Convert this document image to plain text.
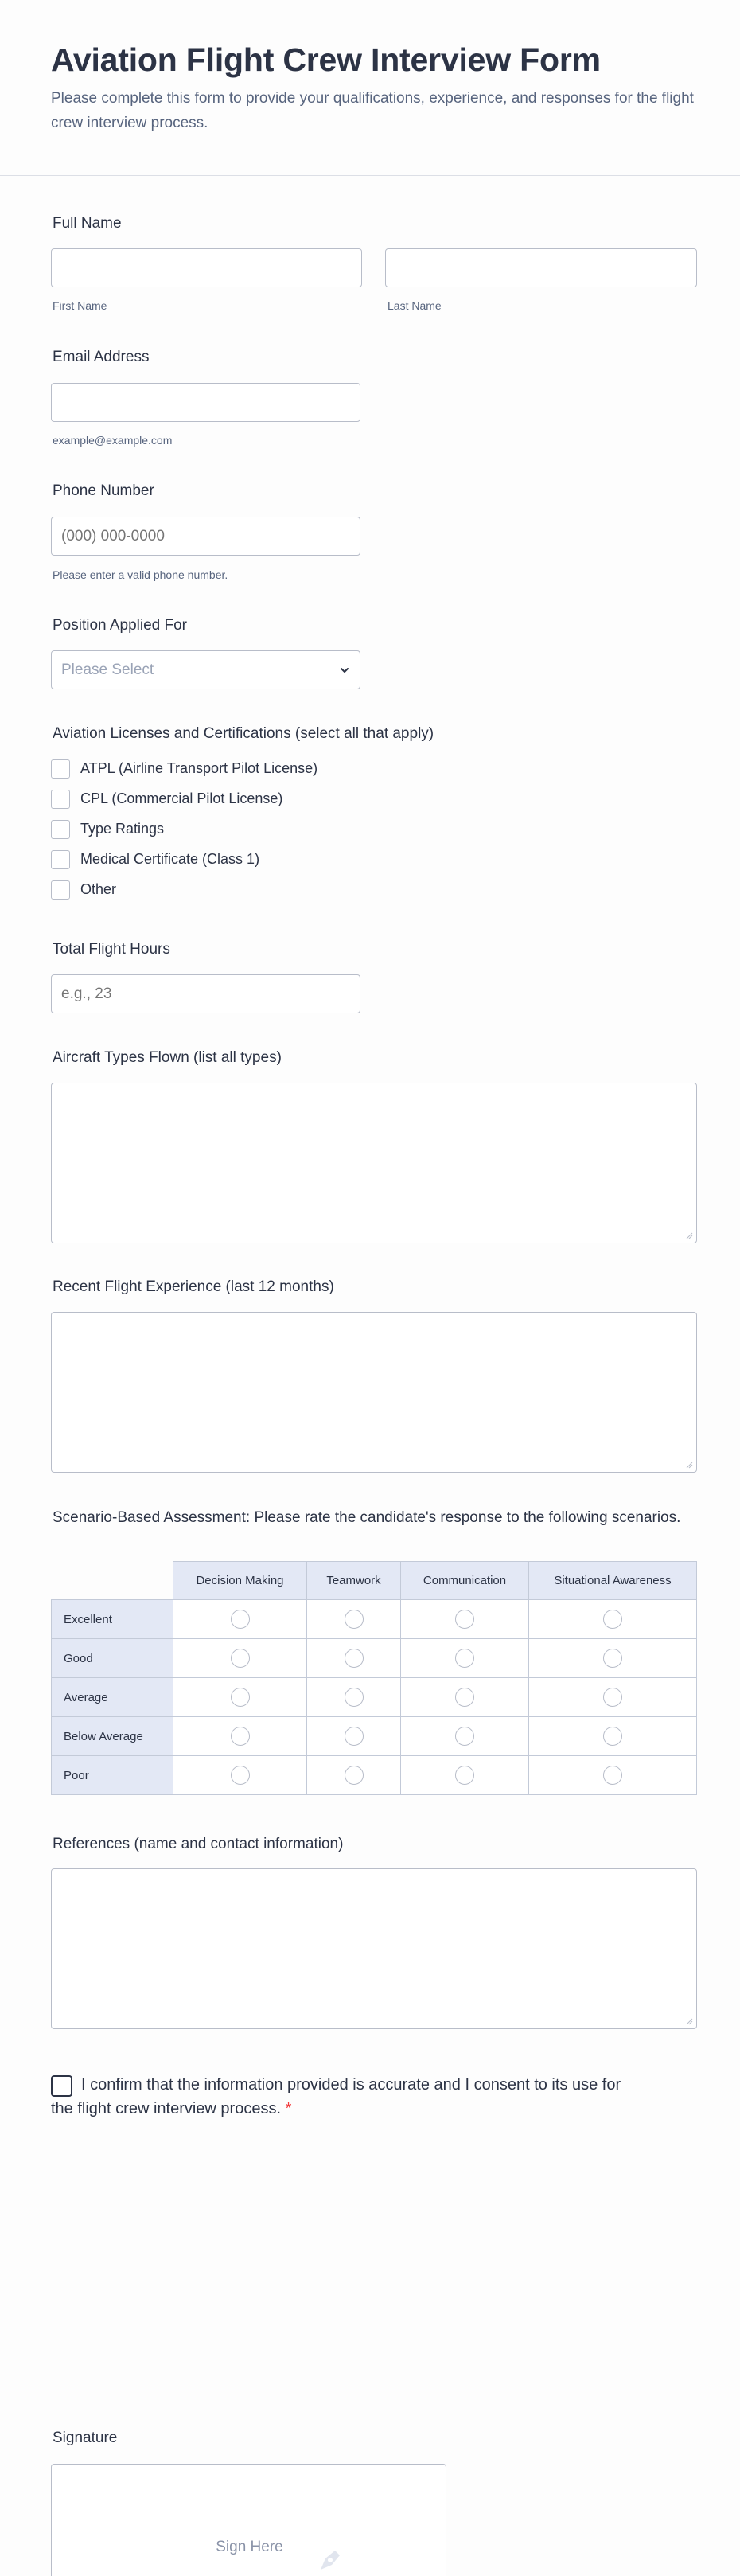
Aviation Flight Crew Interview Form

Please complete this form to provide your qualifications, experience, and responses for the flight crew interview process.

Full Name
First Name	Last Name
Email Address
example@example.com
Phone Number
(000) 000-0000
Please enter a valid phone number.
Position Applied For
Please Select
Aviation Licenses and Certifications (select all that apply)
ATPL (Airline Transport Pilot License)
CPL (Commercial Pilot License)
Type Ratings
Medical Certificate (Class 1)
Other
Total Flight Hours
e.g., 23
Aircraft Types Flown (list all types)
Recent Flight Experience (last 12 months)
Scenario-Based Assessment: Please rate the candidate's response to the following scenarios.
	Decision Making	Teamwork	Communication	Situational Awareness
Excellent				
Good				
Average				
Below Average				
Poor				
References (name and contact information)
I confirm that the information provided is accurate and I consent to its use for the flight crew interview process. *
Signature
Sign Here
